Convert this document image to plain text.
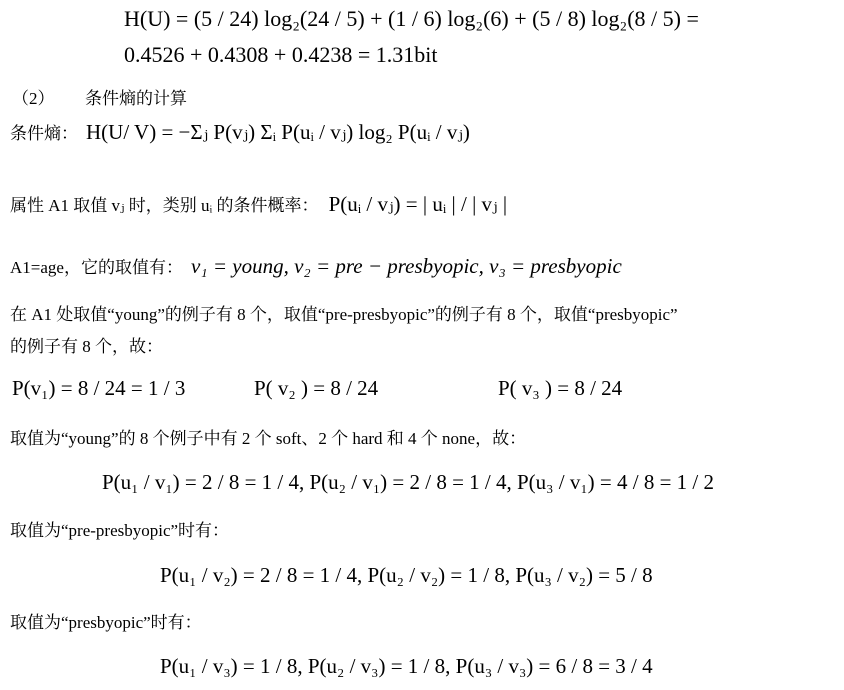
H(U) = (5 / 24) log₂(24 / 5) + (1 / 6) log₂(6) + (5 / 8) log₂(8 / 5) =
0.4526 + 0.4308 + 0.4238 = 1.31bit
（2） 条件熵的计算
条件熵： H(U/ V) = −Σⱼ P(vⱼ) Σᵢ P(uᵢ / vⱼ) log₂ P(uᵢ / vⱼ)
属性 A1 取值 vⱼ 时，类别 uᵢ 的条件概率： P(uᵢ / vⱼ) = | uᵢ | / | vⱼ |
A1=age，它的取值有： v₁ = young, v₂ = pre − presbyopic, v₃ = presbyopic
在 A1 处取值“young”的例子有 8 个，取值“pre-presbyopic”的例子有 8 个，取值“presbyopic”
的例子有 8 个，故：
P(v₁) = 8 / 24 = 1 / 3	P( v₂ ) = 8 / 24	P( v₃ ) = 8 / 24
取值为“young”的 8 个例子中有 2 个 soft、2 个 hard 和 4 个 none，故：
P(u₁ / v₁) = 2 / 8 = 1 / 4, P(u₂ / v₁) = 2 / 8 = 1 / 4, P(u₃ / v₁) = 4 / 8 = 1 / 2
取值为“pre-presbyopic”时有：
P(u₁ / v₂) = 2 / 8 = 1 / 4, P(u₂ / v₂) = 1 / 8, P(u₃ / v₂) = 5 / 8
取值为“presbyopic”时有：
P(u₁ / v₃) = 1 / 8, P(u₂ / v₃) = 1 / 8, P(u₃ / v₃) = 6 / 8 = 3 / 4
